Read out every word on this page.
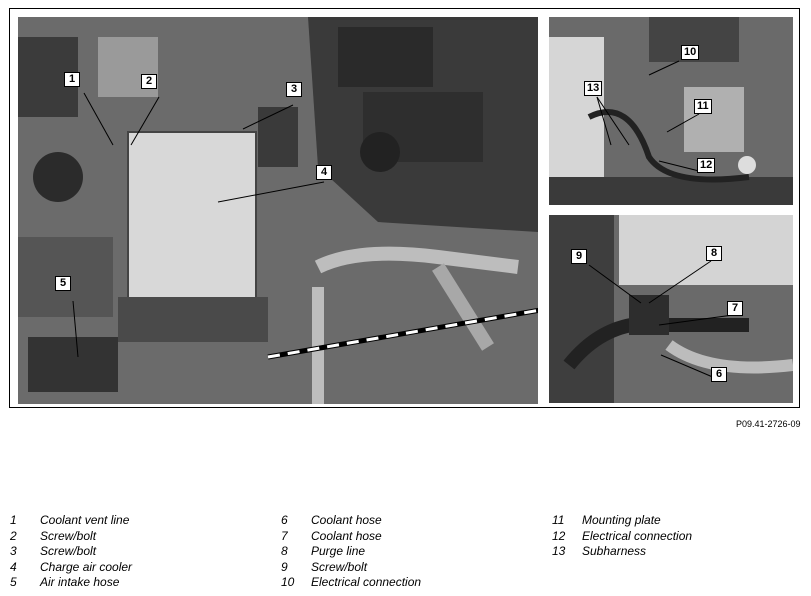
1	2
3
4
5
10
11
12
13
9	8
7
6
P09.41-2726-09
1	Coolant vent line
2	Screw/bolt
3	Screw/bolt
4	Charge air cooler
5	Air intake hose
6	Coolant hose
7	Coolant hose
8	Purge line
9	Screw/bolt
10	Electrical connection
11	Mounting plate
12	Electrical connection
13	Subharness
